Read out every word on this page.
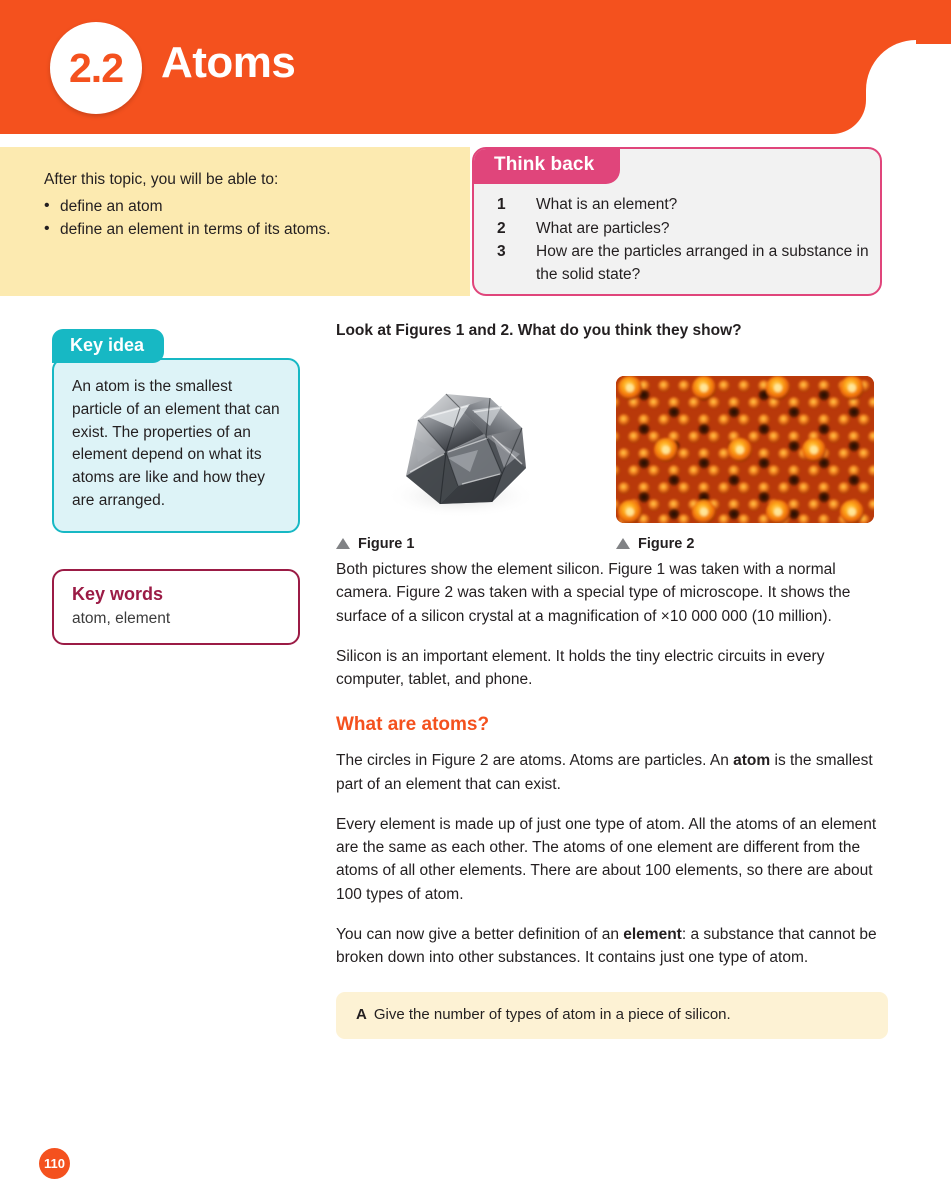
2.2 Atoms

After this topic, you will be able to:

• define an atom
• define an element in terms of its atoms.
Think back
1 What is an element?
2 What are particles?
3 How are the particles arranged in a substance in the solid state?
Key idea
An atom is the smallest particle of an element that can exist. The properties of an element depend on what its atoms are like and how they are arranged.
Key words
atom, element

Look at Figures 1 and 2. What do you think they show?

Figure 1	Figure 2

Both pictures show the element silicon. Figure 1 was taken with a normal camera. Figure 2 was taken with a special type of microscope. It shows the surface of a silicon crystal at a magnification of ×10 000 000 (10 million).

Silicon is an important element. It holds the tiny electric circuits in every computer, tablet, and phone.

What are atoms?

The circles in Figure 2 are atoms. Atoms are particles. An atom is the smallest part of an element that can exist.

Every element is made up of just one type of atom. All the atoms of an element are the same as each other. The atoms of one element are different from the atoms of all other elements. There are about 100 elements, so there are about 100 types of atom.

You can now give a better definition of an element: a substance that cannot be broken down into other substances. It contains just one type of atom.

A Give the number of types of atom in a piece of silicon.
110
